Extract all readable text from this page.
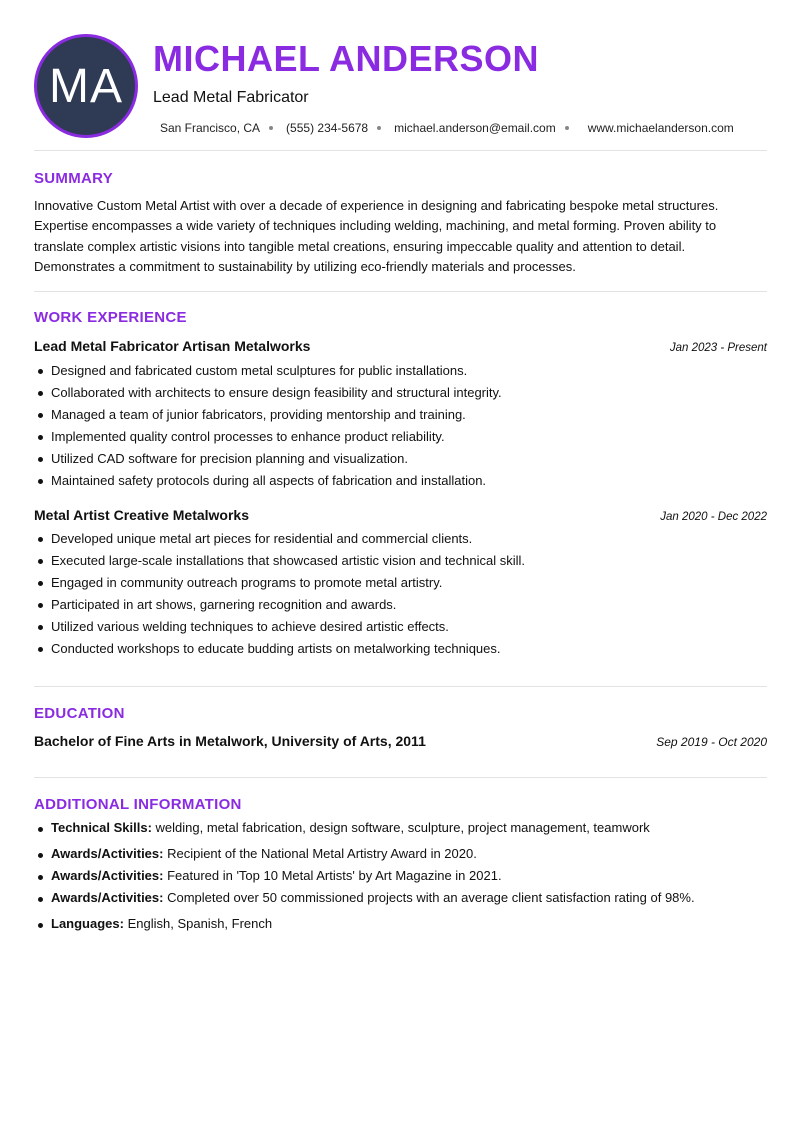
MA
MICHAEL ANDERSON
Lead Metal Fabricator
San Francisco, CA (555) 234-5678 michael.anderson@email.com	www.michaelanderson.com
SUMMARY
Innovative Custom Metal Artist with over a decade of experience in designing and fabricating bespoke metal structures. Expertise encompasses a wide variety of techniques including welding, machining, and metal forming. Proven ability to translate complex artistic visions into tangible metal creations, ensuring impeccable quality and attention to detail. Demonstrates a commitment to sustainability by utilizing eco-friendly materials and processes.
WORK EXPERIENCE
Lead Metal Fabricator Artisan Metalworks	Jan 2023 - Present
Designed and fabricated custom metal sculptures for public installations.
Collaborated with architects to ensure design feasibility and structural integrity.
Managed a team of junior fabricators, providing mentorship and training.
Implemented quality control processes to enhance product reliability.
Utilized CAD software for precision planning and visualization.
Maintained safety protocols during all aspects of fabrication and installation.
Metal Artist Creative Metalworks	Jan 2020 - Dec 2022
Developed unique metal art pieces for residential and commercial clients.
Executed large-scale installations that showcased artistic vision and technical skill.
Engaged in community outreach programs to promote metal artistry.
Participated in art shows, garnering recognition and awards.
Utilized various welding techniques to achieve desired artistic effects.
Conducted workshops to educate budding artists on metalworking techniques.
EDUCATION
Bachelor of Fine Arts in Metalwork, University of Arts, 2011	Sep 2019 - Oct 2020
ADDITIONAL INFORMATION
Technical Skills: welding, metal fabrication, design software, sculpture, project management, teamwork
Awards/Activities: Recipient of the National Metal Artistry Award in 2020.
Awards/Activities: Featured in 'Top 10 Metal Artists' by Art Magazine in 2021.
Awards/Activities: Completed over 50 commissioned projects with an average client satisfaction rating of 98%.
Languages: English, Spanish, French
